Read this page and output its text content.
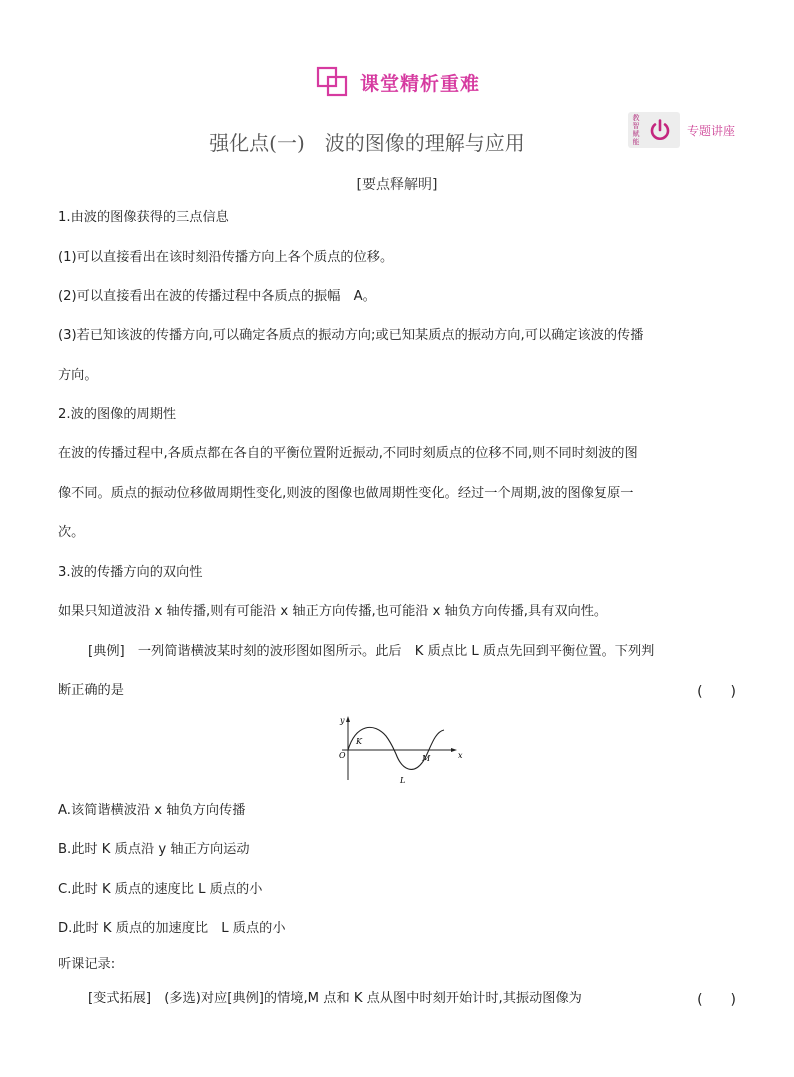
课堂精析重难
教
智
赋
能
专题讲座
强化点(一)　波的图像的理解与应用
[要点释解明]
1.由波的图像获得的三点信息
(1)可以直接看出在该时刻沿传播方向上各个质点的位移。
(2)可以直接看出在波的传播过程中各质点的振幅　A。
(3)若已知该波的传播方向,可以确定各质点的振动方向;或已知某质点的振动方向,可以确定该波的传播
方向。
2.波的图像的周期性
在波的传播过程中,各质点都在各自的平衡位置附近振动,不同时刻质点的位移不同,则不同时刻波的图
像不同。质点的振动位移做周期性变化,则波的图像也做周期性变化。经过一个周期,波的图像复原一
次。
3.波的传播方向的双向性
如果只知道波沿 x 轴传播,则有可能沿 x 轴正方向传播,也可能沿 x 轴负方向传播,具有双向性。
[典例]　一列简谐横波某时刻的波形图如图所示。此后　K 质点比 L 质点先回到平衡位置。下列判
断正确的是	(　　)
y
x
O
K
L
M
A.该简谐横波沿 x 轴负方向传播
B.此时 K 质点沿 y 轴正方向运动
C.此时 K 质点的速度比 L 质点的小
D.此时 K 质点的加速度比　L 质点的小
听课记录:
[变式拓展]　(多选)对应[典例]的情境,M 点和 K 点从图中时刻开始计时,其振动图像为	(　　)
